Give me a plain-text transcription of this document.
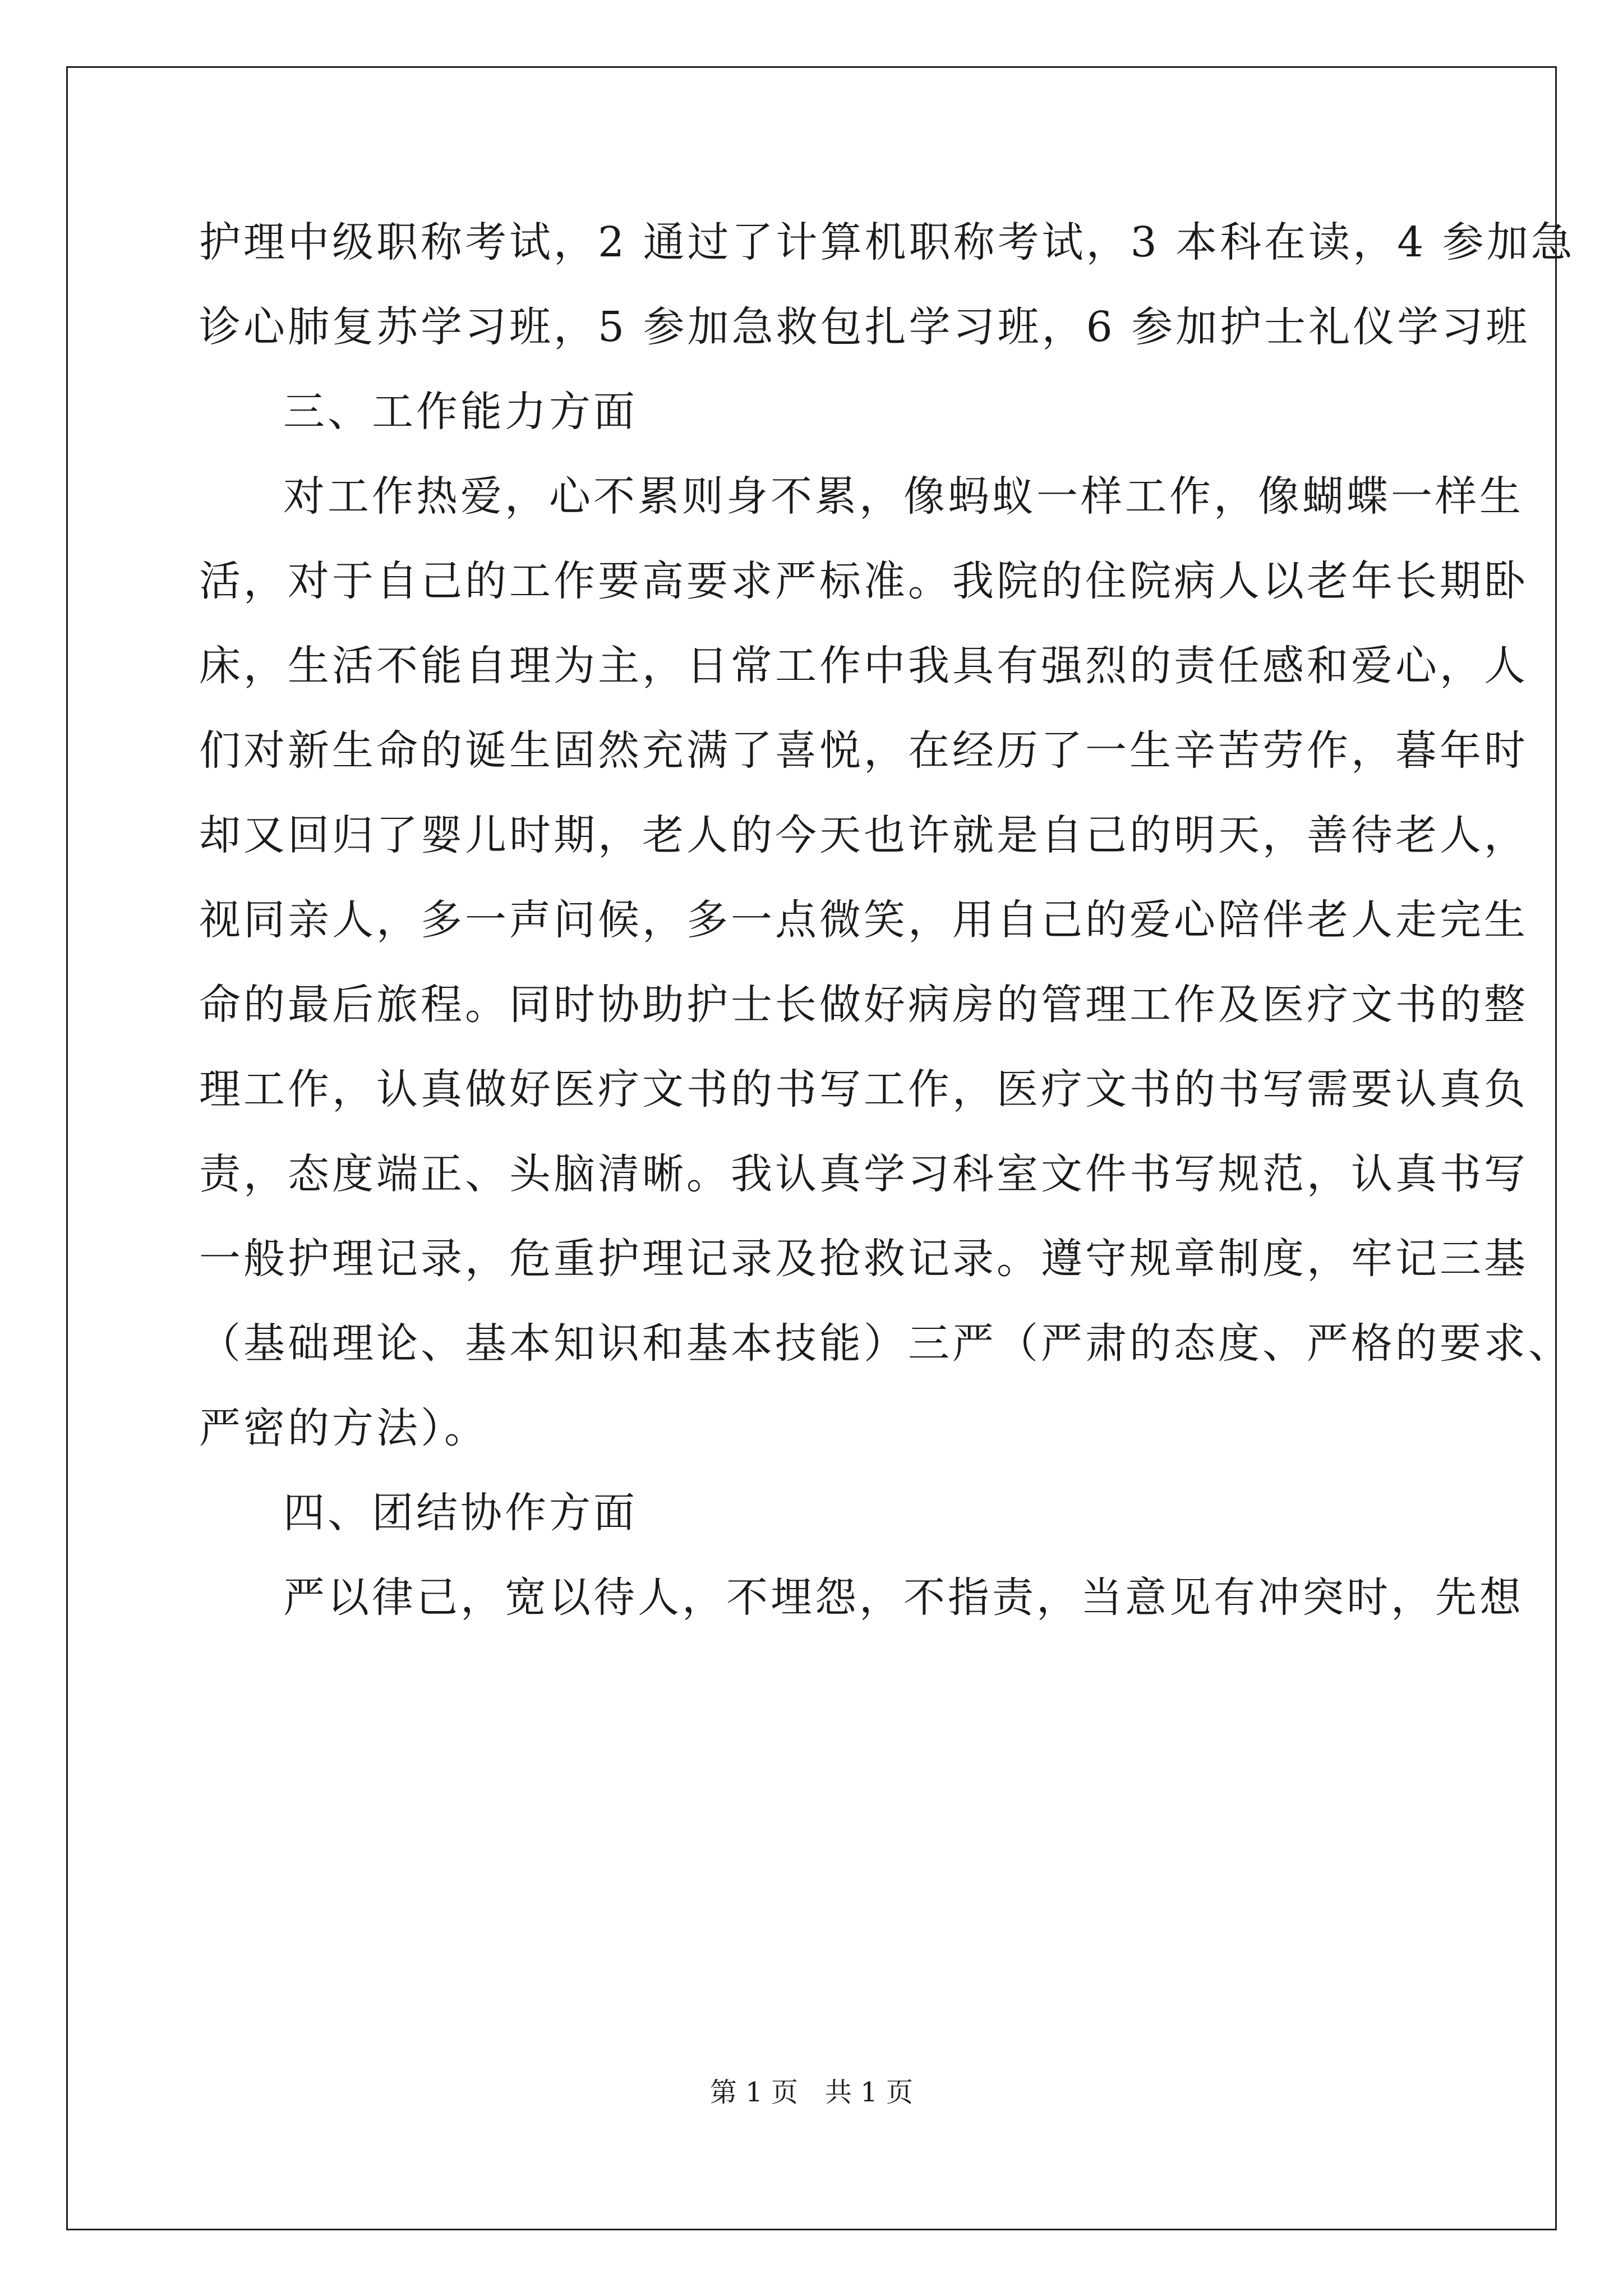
护理中级职称考试，2 通过了计算机职称考试，3 本科在读，4 参加急
诊心肺复苏学习班，5 参加急救包扎学习班，6 参加护士礼仪学习班
三、工作能力方面
对工作热爱，心不累则身不累，像蚂蚁一样工作，像蝴蝶一样生
活，对于自己的工作要高要求严标准。我院的住院病人以老年长期卧
床，生活不能自理为主，日常工作中我具有强烈的责任感和爱心，人
们对新生命的诞生固然充满了喜悦，在经历了一生辛苦劳作，暮年时
却又回归了婴儿时期，老人的今天也许就是自己的明天，善待老人，
视同亲人，多一声问候，多一点微笑，用自己的爱心陪伴老人走完生
命的最后旅程。同时协助护士长做好病房的管理工作及医疗文书的整
理工作，认真做好医疗文书的书写工作，医疗文书的书写需要认真负
责，态度端正、头脑清晰。我认真学习科室文件书写规范，认真书写
一般护理记录，危重护理记录及抢救记录。遵守规章制度，牢记三基
（基础理论、基本知识和基本技能）三严（严肃的态度、严格的要求、
严密的方法）。
四、团结协作方面
严以律己，宽以待人，不埋怨，不指责，当意见有冲突时，先想
第 1 页　共 1 页
